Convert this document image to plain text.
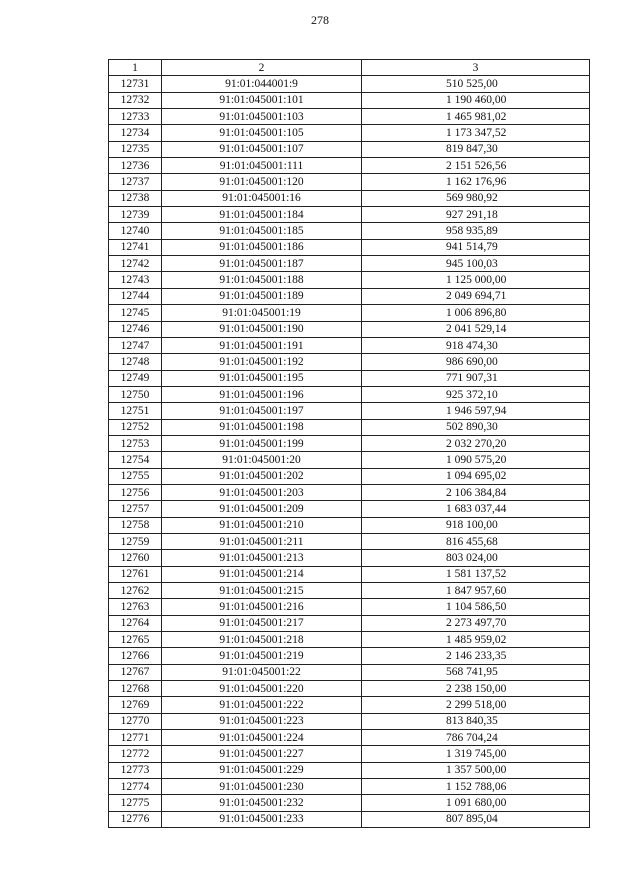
278
1	2	3
12731	91:01:044001:9	510 525,00
12732	91:01:045001:101	1 190 460,00
12733	91:01:045001:103	1 465 981,02
12734	91:01:045001:105	1 173 347,52
12735	91:01:045001:107	819 847,30
12736	91:01:045001:111	2 151 526,56
12737	91:01:045001:120	1 162 176,96
12738	91:01:045001:16	569 980,92
12739	91:01:045001:184	927 291,18
12740	91:01:045001:185	958 935,89
12741	91:01:045001:186	941 514,79
12742	91:01:045001:187	945 100,03
12743	91:01:045001:188	1 125 000,00
12744	91:01:045001:189	2 049 694,71
12745	91:01:045001:19	1 006 896,80
12746	91:01:045001:190	2 041 529,14
12747	91:01:045001:191	918 474,30
12748	91:01:045001:192	986 690,00
12749	91:01:045001:195	771 907,31
12750	91:01:045001:196	925 372,10
12751	91:01:045001:197	1 946 597,94
12752	91:01:045001:198	502 890,30
12753	91:01:045001:199	2 032 270,20
12754	91:01:045001:20	1 090 575,20
12755	91:01:045001:202	1 094 695,02
12756	91:01:045001:203	2 106 384,84
12757	91:01:045001:209	1 683 037,44
12758	91:01:045001:210	918 100,00
12759	91:01:045001:211	816 455,68
12760	91:01:045001:213	803 024,00
12761	91:01:045001:214	1 581 137,52
12762	91:01:045001:215	1 847 957,60
12763	91:01:045001:216	1 104 586,50
12764	91:01:045001:217	2 273 497,70
12765	91:01:045001:218	1 485 959,02
12766	91:01:045001:219	2 146 233,35
12767	91:01:045001:22	568 741,95
12768	91:01:045001:220	2 238 150,00
12769	91:01:045001:222	2 299 518,00
12770	91:01:045001:223	813 840,35
12771	91:01:045001:224	786 704,24
12772	91:01:045001:227	1 319 745,00
12773	91:01:045001:229	1 357 500,00
12774	91:01:045001:230	1 152 788,06
12775	91:01:045001:232	1 091 680,00
12776	91:01:045001:233	807 895,04
